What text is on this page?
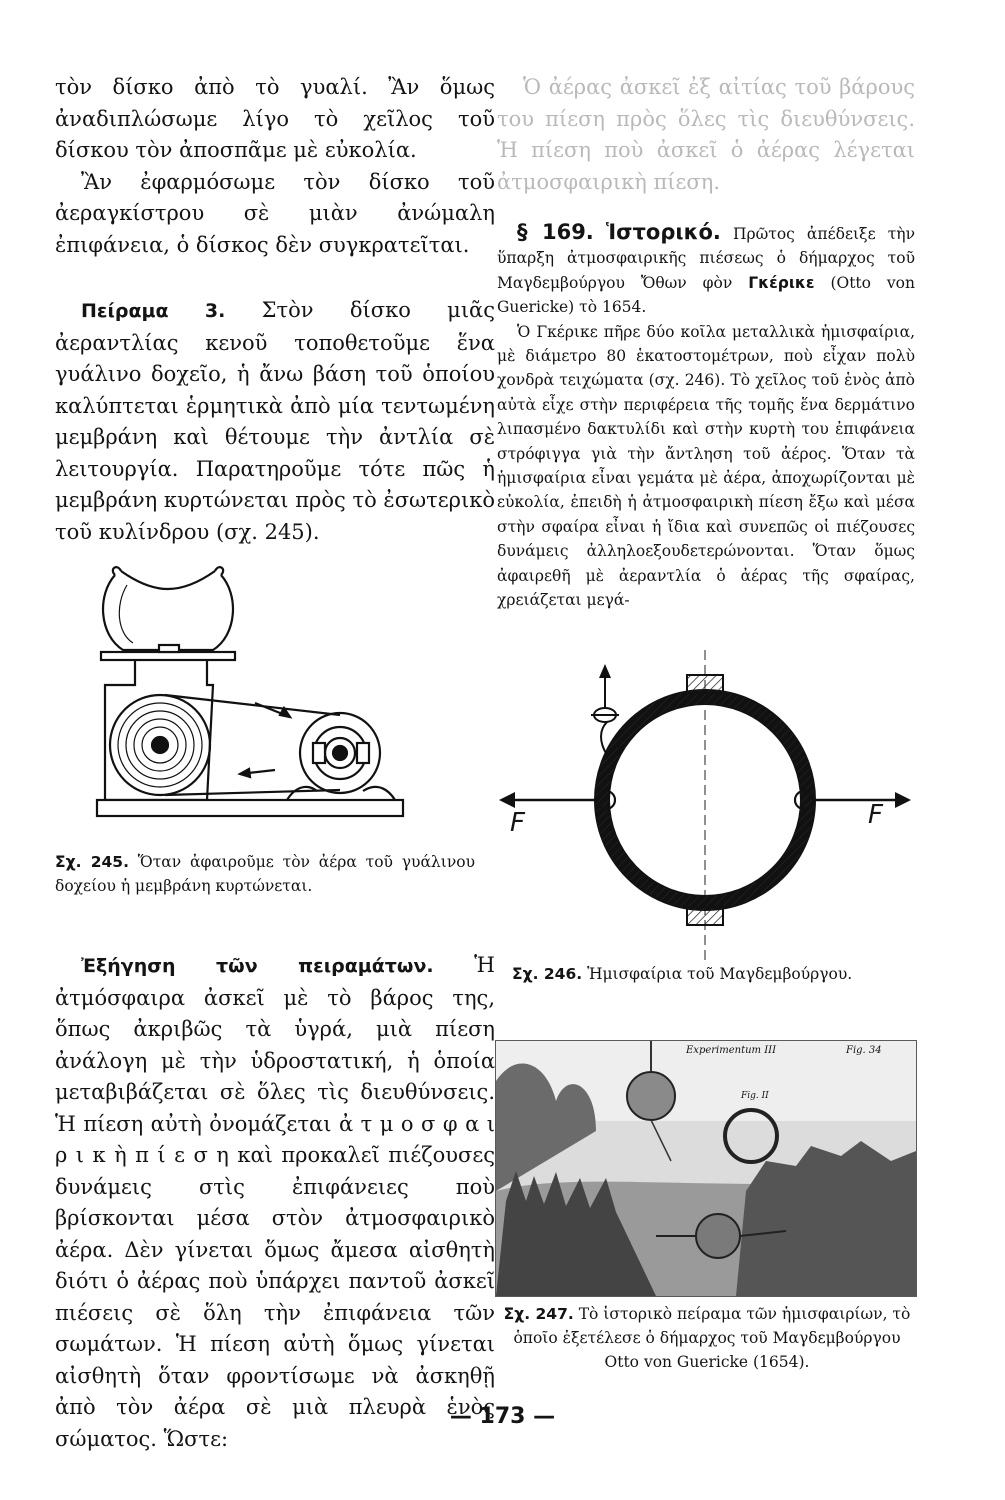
τὸν δίσκο ἀπὸ τὸ γυαλί. Ἂν ὅμως ἀναδιπλώσωμε λίγο τὸ χεῖλος τοῦ δίσκου τὸν ἀποσπᾶμε μὲ εὐκολία.

Ἂν ἐφαρμόσωμε τὸν δίσκο τοῦ ἀεραγκίστρου σὲ μιὰν ἀνώμαλη ἐπιφάνεια, ὁ δίσκος δὲν συγκρατεῖται.

Πείραμα 3. Στὸν δίσκο μιᾶς ἀεραντλίας κενοῦ τοποθετοῦμε ἕνα γυάλινο δοχεῖο, ἡ ἄνω βάση τοῦ ὁποίου καλύπτεται ἑρμητικὰ ἀπὸ μία τεντωμένη μεμβράνη καὶ θέτουμε τὴν ἀντλία σὲ λειτουργία. Παρατηροῦμε τότε πῶς ἡ μεμβράνη κυρτώνεται πρὸς τὸ ἐσωτερικὸ τοῦ κυλίνδρου (σχ. 245).

Σχ. 245. Ὅταν ἀφαιροῦμε τὸν ἀέρα τοῦ γυάλινου δοχείου ἡ μεμβράνη κυρτώνεται.

Ἐξήγηση τῶν πειραμάτων. Ἡ ἀτμόσφαιρα ἀσκεῖ μὲ τὸ βάρος της, ὅπως ἀκριβῶς τὰ ὑγρά, μιὰ πίεση ἀνάλογη μὲ τὴν ὑδροστατική, ἡ ὁποία μεταβιβάζεται σὲ ὅλες τὶς διευθύνσεις. Ἡ πίεση αὐτὴ ὀνομάζεται ἀ τ μ ο σ φ α ι ρ ι κ ὴ π ί ε σ η καὶ προκαλεῖ πιέζουσες δυνάμεις στὶς ἐπιφάνειες ποὺ βρίσκονται μέσα στὸν ἀτμοσφαιρικὸ ἀέρα. Δὲν γίνεται ὅμως ἄμεσα αἰσθητὴ διότι ὁ ἀέρας ποὺ ὑπάρχει παντοῦ ἀσκεῖ πιέσεις σὲ ὅλη τὴν ἐπιφάνεια τῶν σωμάτων. Ἡ πίεση αὐτὴ ὅμως γίνεται αἰσθητὴ ὅταν φροντίσωμε νὰ ἀσκηθῇ ἀπὸ τὸν ἀέρα σὲ μιὰ πλευρὰ ἑνὸς σώματος. Ὥστε:

Ὁ ἀέρας ἀσκεῖ ἐξ αἰτίας τοῦ βάρους του πίεση πρὸς ὅλες τὶς διευθύνσεις. Ἡ πίεση ποὺ ἀσκεῖ ὁ ἀέρας λέγεται ἀτμοσφαιρικὴ πίεση.

§ 169. Ἱστορικό. Πρῶτος ἀπέδειξε τὴν ὕπαρξη ἀτμοσφαιρικῆς πιέσεως ὁ δήμαρχος τοῦ Μαγδεμβούργου Ὄθων φὸν Γκέρικε (Otto von Guericke) τὸ 1654.

Ὁ Γκέρικε πῆρε δύο κοῖλα μεταλλικὰ ἡμισφαίρια, μὲ διάμετρο 80 ἑκατοστομέτρων, ποὺ εἶχαν πολὺ χονδρὰ τειχώματα (σχ. 246). Τὸ χεῖλος τοῦ ἑνὸς ἀπὸ αὐτὰ εἶχε στὴν περιφέρεια τῆς τομῆς ἕνα δερμάτινο λιπασμένο δακτυλίδι καὶ στὴν κυρτὴ του ἐπιφάνεια στρόφιγγα γιὰ τὴν ἄντληση τοῦ ἀέρος. Ὅταν τὰ ἡμισφαίρια εἶναι γεμάτα μὲ ἀέρα, ἀποχωρίζονται μὲ εὐκολία, ἐπειδὴ ἡ ἀτμοσφαιρικὴ πίεση ἔξω καὶ μέσα στὴν σφαίρα εἶναι ἡ ἴδια καὶ συνεπῶς οἱ πιέζουσες δυνάμεις ἀλληλοεξουδετερώνονται. Ὅταν ὅμως ἀφαιρεθῆ μὲ ἀεραντλία ὁ ἀέρας τῆς σφαίρας, χρειάζεται μεγά-

F	F

Σχ. 246. Ἡμισφαίρια τοῦ Μαγδεμβούργου.

Experimentum III	Fig. 34
Fig. II

Σχ. 247. Τὸ ἱστορικὸ πείραμα τῶν ἡμισφαιρίων, τὸ ὁποῖο ἐξετέλεσε ὁ δήμαρχος τοῦ Μαγδεμβούργου Otto von Guericke (1654).

— 173 —
